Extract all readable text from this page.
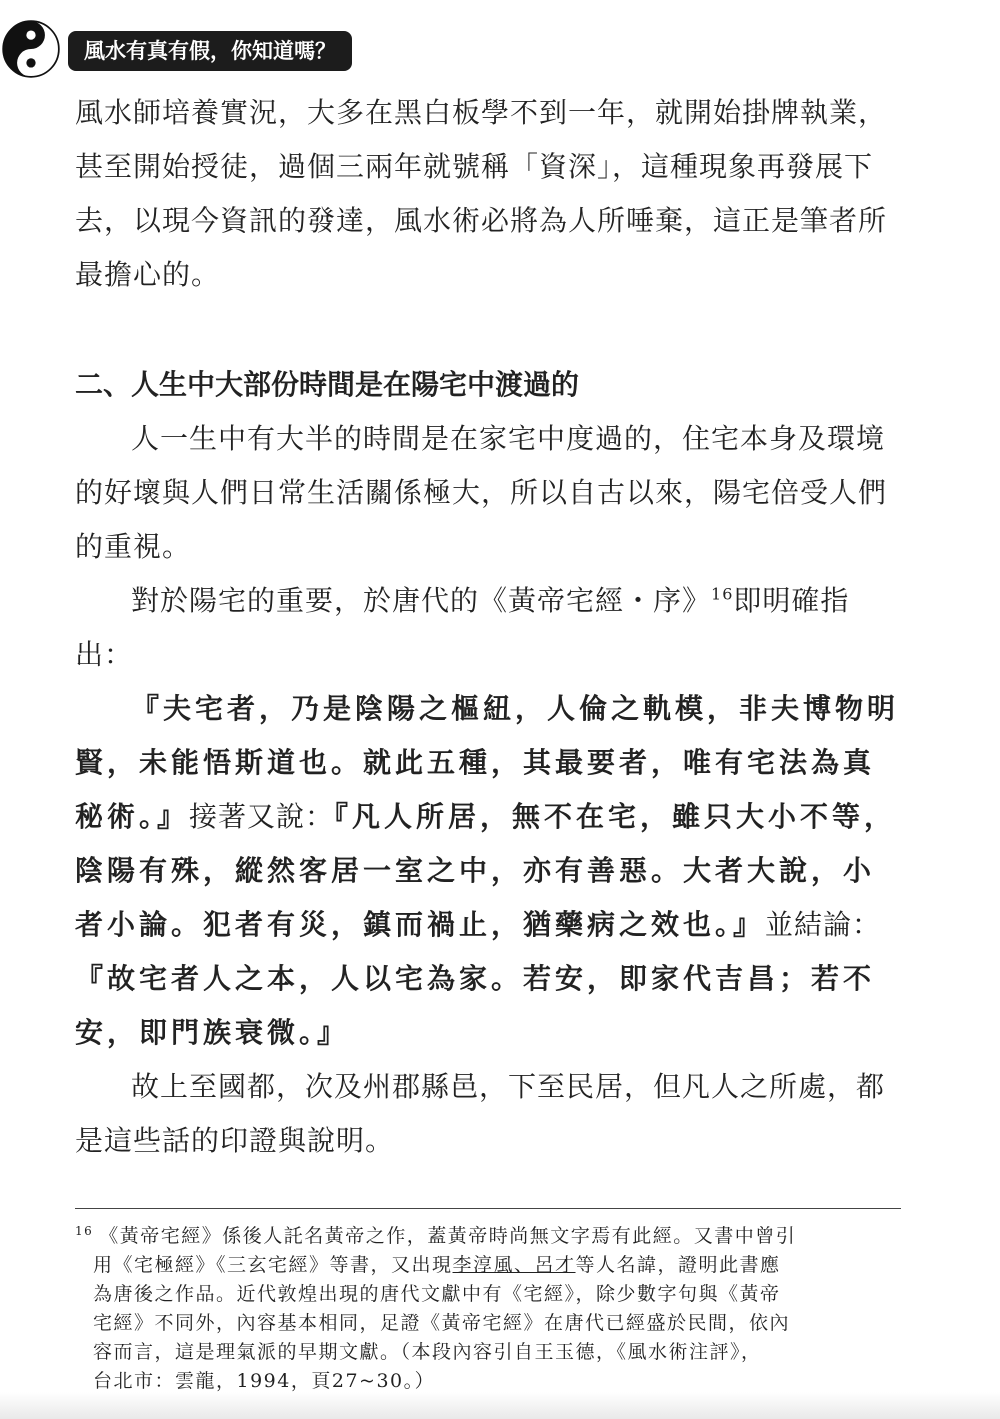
風水有真有假，你知道嗎？

風水師培養實況，大多在黑白板學不到一年，就開始掛牌執業，甚至開始授徒，過個三兩年就號稱「資深」，這種現象再發展下去，以現今資訊的發達，風水術必將為人所唾棄，這正是筆者所最擔心的。

二、人生中大部份時間是在陽宅中渡過的

人一生中有大半的時間是在家宅中度過的，住宅本身及環境的好壞與人們日常生活關係極大，所以自古以來，陽宅倍受人們的重視。

對於陽宅的重要，於唐代的《黃帝宅經・序》$^{16}$即明確指出：

『夫宅者，乃是陰陽之樞紐，人倫之軌模，非夫博物明賢，未能悟斯道也。就此五種，其最要者，唯有宅法為真秘術。』接著又說：『凡人所居，無不在宅，雖只大小不等，陰陽有殊，縱然客居一室之中，亦有善惡。大者大說，小者小論。犯者有災，鎮而禍止，猶藥病之效也。』並結論：『故宅者人之本，人以宅為家。若安，即家代吉昌；若不安，即門族衰微。』

故上至國都，次及州郡縣邑，下至民居，但凡人之所處，都是這些話的印證與說明。

$^{16}$ 《黃帝宅經》係後人託名黃帝之作，蓋黃帝時尚無文字焉有此經。又書中曾引
用《宅極經》《三玄宅經》等書，又出現李淳風、呂才等人名諱，證明此書應
為唐後之作品。近代敦煌出現的唐代文獻中有《宅經》，除少數字句與《黃帝
宅經》不同外，內容基本相同，足證《黃帝宅經》在唐代已經盛於民間，依內
容而言，這是理氣派的早期文獻。（本段內容引自王玉德，《風水術注評》，
台北市：雲龍，1994，頁27~30。）
